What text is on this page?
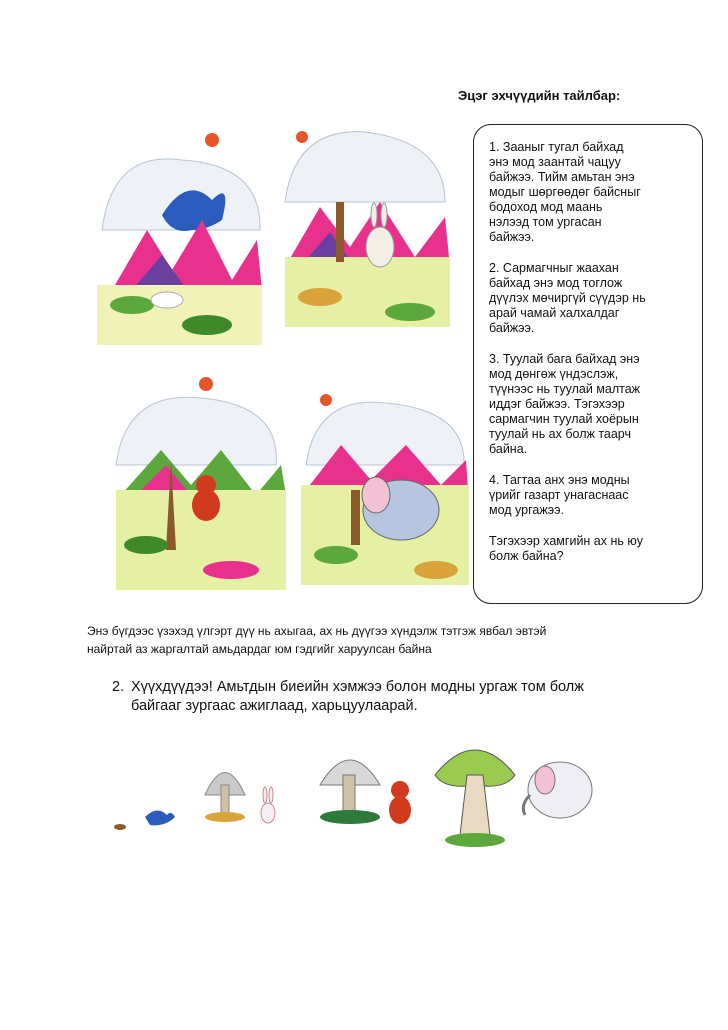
Эцэг эхчүүдийн тайлбар:
1. Зааныг тугал байхад
энэ мод заантай чацуу
байжээ. Тийм амьтан энэ
модыг шөргөөдөг байсныг
бодоход мод маань
нэлээд том ургасан
байжээ.
2. Сармагчныг жаахан
байхад энэ мод тоглож
дүүлэх мөчиргүй сүүдэр нь
арай чамай халхалдаг
байжээ.
3. Туулай бага байхад энэ
мод дөнгөж үндэслэж,
түүнээс нь туулай малтаж
иддэг байжээ. Тэгэхээр
сармагчин туулай хоёрын
туулай нь ах болж таарч
байна.
4. Тагтаа анх энэ модны
үрийг газарт унагаснаас
мод ургажээ.
Тэгэхээр хамгийн ах нь юу
болж байна?
Энэ бүгдээс үзэхэд үлгэрт дүү нь ахыгаа, ах нь дүүгээ хүндэлж тэтгэж явбал эвтэй
найртай аз жаргалтай амьдардаг юм гэдгийг харуулсан байна
2. Хүүхдүүдээ! Амьтдын биеийн хэмжээ болон модны ургаж том болж
байгааг зургаас ажиглаад, харьцуулаарай.
